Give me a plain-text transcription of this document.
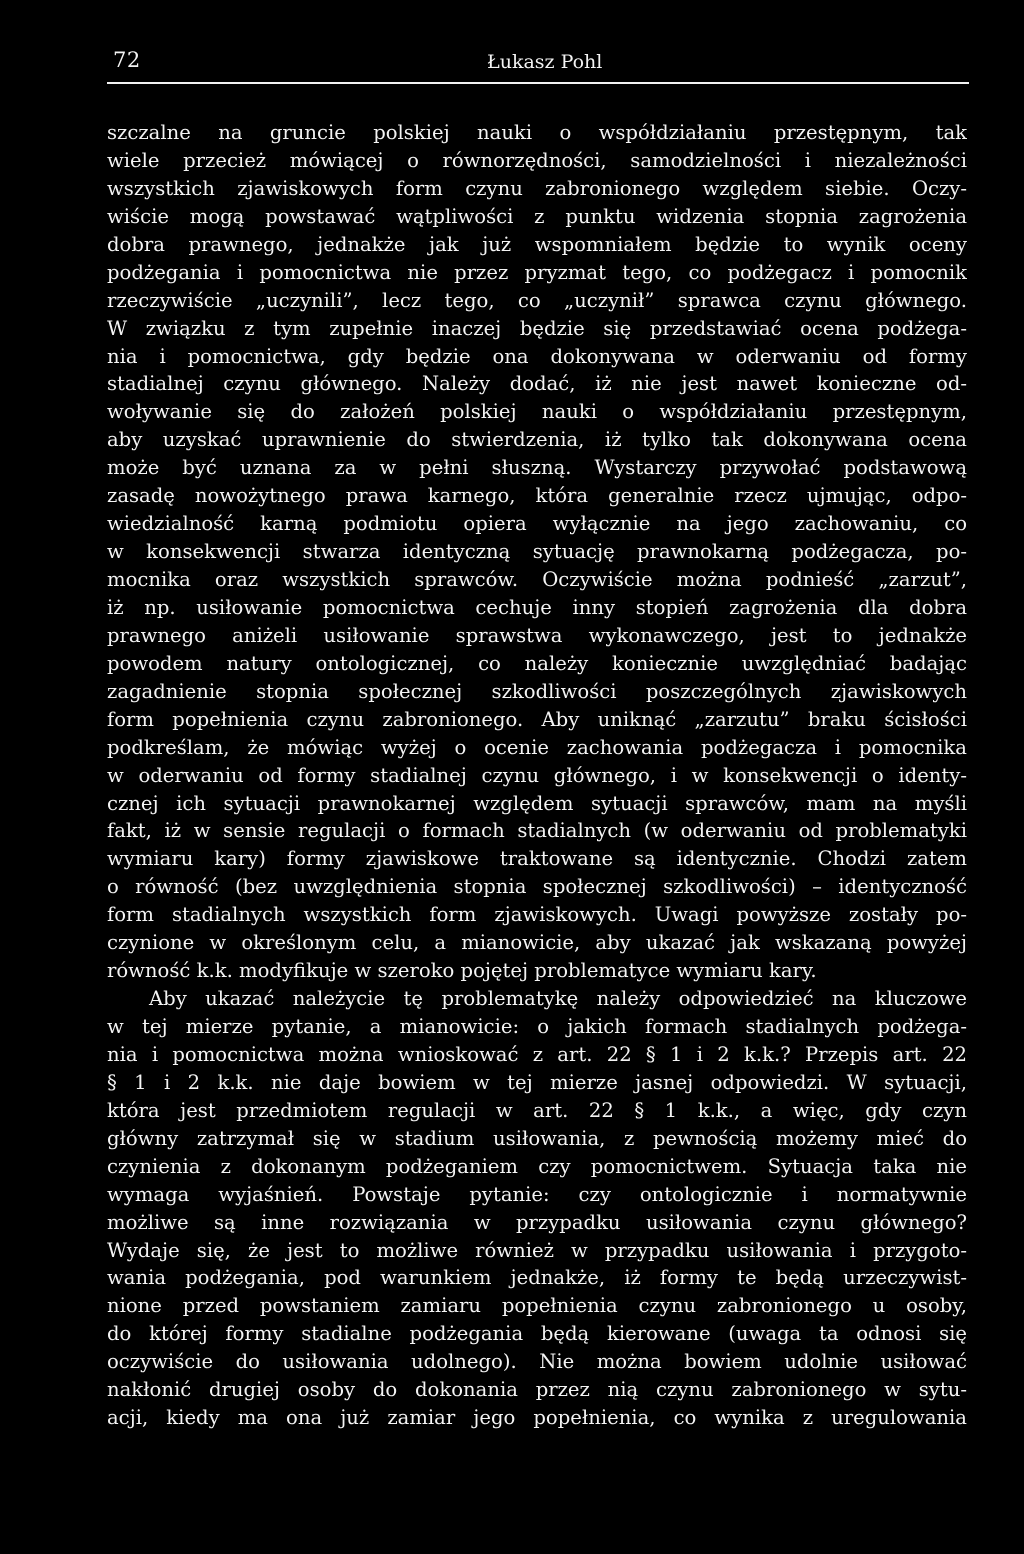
72	Łukasz Pohl
szczalne na gruncie polskiej nauki o współdziałaniu przestępnym, tak
wiele przecież mówiącej o równorzędności, samodzielności i niezależności
wszystkich zjawiskowych form czynu zabronionego względem siebie. Oczy-
wiście mogą powstawać wątpliwości z punktu widzenia stopnia zagrożenia
dobra prawnego, jednakże jak już wspomniałem będzie to wynik oceny
podżegania i pomocnictwa nie przez pryzmat tego, co podżegacz i pomocnik
rzeczywiście „uczynili”, lecz tego, co „uczynił” sprawca czynu głównego.
W związku z tym zupełnie inaczej będzie się przedstawiać ocena podżega-
nia i pomocnictwa, gdy będzie ona dokonywana w oderwaniu od formy
stadialnej czynu głównego. Należy dodać, iż nie jest nawet konieczne od-
woływanie się do założeń polskiej nauki o współdziałaniu przestępnym,
aby uzyskać uprawnienie do stwierdzenia, iż tylko tak dokonywana ocena
może być uznana za w pełni słuszną. Wystarczy przywołać podstawową
zasadę nowożytnego prawa karnego, która generalnie rzecz ujmując, odpo-
wiedzialność karną podmiotu opiera wyłącznie na jego zachowaniu, co
w konsekwencji stwarza identyczną sytuację prawnokarną podżegacza, po-
mocnika oraz wszystkich sprawców. Oczywiście można podnieść „zarzut”,
iż np. usiłowanie pomocnictwa cechuje inny stopień zagrożenia dla dobra
prawnego aniżeli usiłowanie sprawstwa wykonawczego, jest to jednakże
powodem natury ontologicznej, co należy koniecznie uwzględniać badając
zagadnienie stopnia społecznej szkodliwości poszczególnych zjawiskowych
form popełnienia czynu zabronionego. Aby uniknąć „zarzutu” braku ścisłości
podkreślam, że mówiąc wyżej o ocenie zachowania podżegacza i pomocnika
w oderwaniu od formy stadialnej czynu głównego, i w konsekwencji o identy-
cznej ich sytuacji prawnokarnej względem sytuacji sprawców, mam na myśli
fakt, iż w sensie regulacji o formach stadialnych (w oderwaniu od problematyki
wymiaru kary) formy zjawiskowe traktowane są identycznie. Chodzi zatem
o równość (bez uwzględnienia stopnia społecznej szkodliwości) – identyczność
form stadialnych wszystkich form zjawiskowych. Uwagi powyższe zostały po-
czynione w określonym celu, a mianowicie, aby ukazać jak wskazaną powyżej
równość k.k. modyfikuje w szeroko pojętej problematyce wymiaru kary.
Aby ukazać należycie tę problematykę należy odpowiedzieć na kluczowe
w tej mierze pytanie, a mianowicie: o jakich formach stadialnych podżega-
nia i pomocnictwa można wnioskować z art. 22 § 1 i 2 k.k.? Przepis art. 22
§ 1 i 2 k.k. nie daje bowiem w tej mierze jasnej odpowiedzi. W sytuacji,
która jest przedmiotem regulacji w art. 22 § 1 k.k., a więc, gdy czyn
główny zatrzymał się w stadium usiłowania, z pewnością możemy mieć do
czynienia z dokonanym podżeganiem czy pomocnictwem. Sytuacja taka nie
wymaga wyjaśnień. Powstaje pytanie: czy ontologicznie i normatywnie
możliwe są inne rozwiązania w przypadku usiłowania czynu głównego?
Wydaje się, że jest to możliwe również w przypadku usiłowania i przygoto-
wania podżegania, pod warunkiem jednakże, iż formy te będą urzeczywist-
nione przed powstaniem zamiaru popełnienia czynu zabronionego u osoby,
do której formy stadialne podżegania będą kierowane (uwaga ta odnosi się
oczywiście do usiłowania udolnego). Nie można bowiem udolnie usiłować
nakłonić drugiej osoby do dokonania przez nią czynu zabronionego w sytu-
acji, kiedy ma ona już zamiar jego popełnienia, co wynika z uregulowania
